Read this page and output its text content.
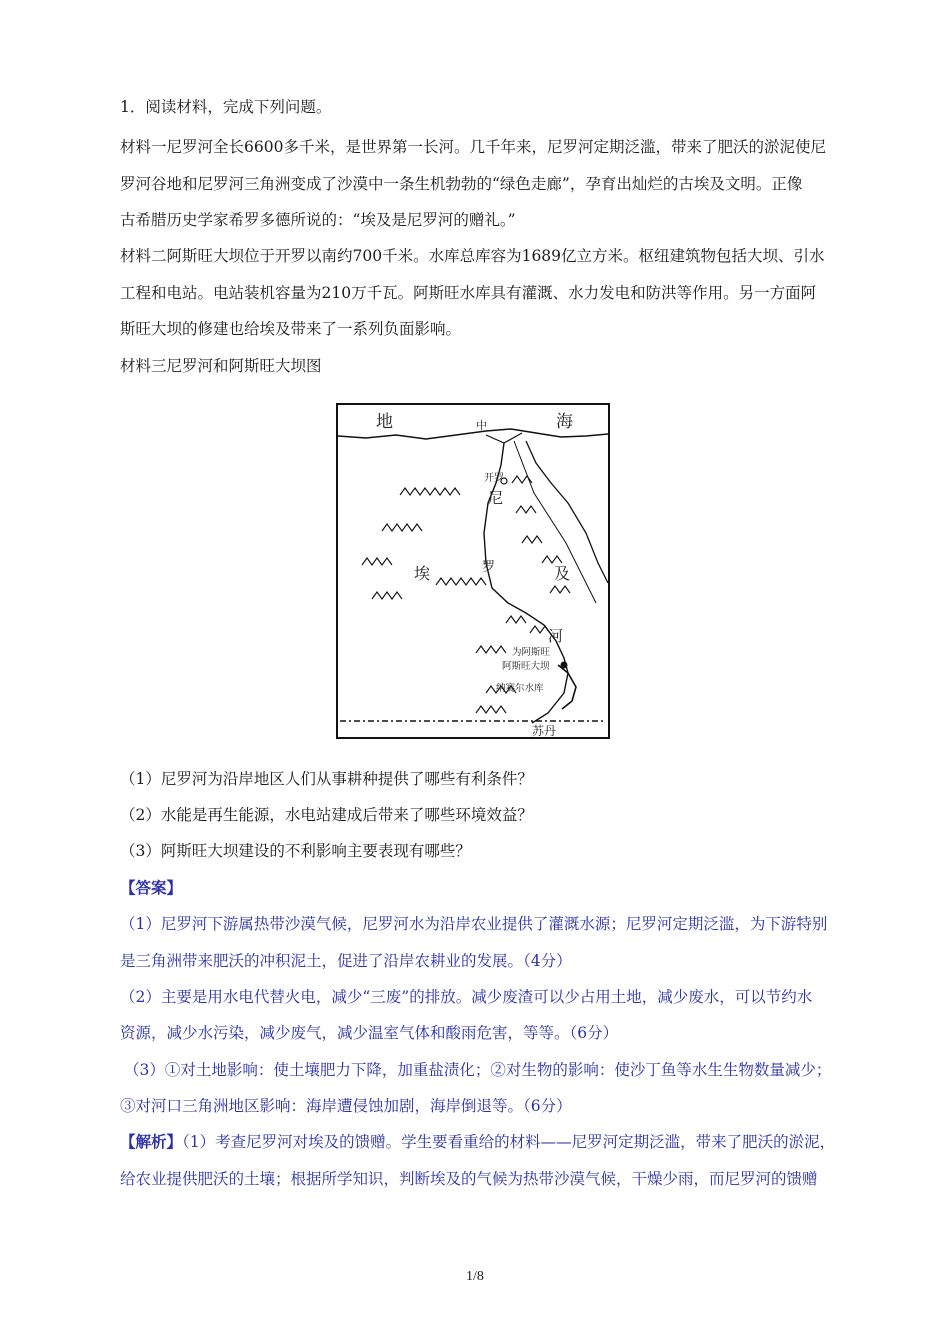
1．阅读材料，完成下列问题。
材料一尼罗河全长6600多千米，是世界第一长河。几千年来，尼罗河定期泛滥，带来了肥沃的淤泥使尼
罗河谷地和尼罗河三角洲变成了沙漠中一条生机勃勃的“绿色走廊”，孕育出灿烂的古埃及文明。正像
古希腊历史学家希罗多德所说的：“埃及是尼罗河的赠礼。”
材料二阿斯旺大坝位于开罗以南约700千米。水库总库容为1689亿立方米。枢纽建筑物包括大坝、引水
工程和电站。电站装机容量为210万千瓦。阿斯旺水库具有灌溉、水力发电和防洪等作用。另一方面阿
斯旺大坝的修建也给埃及带来了一系列负面影响。
材料三尼罗河和阿斯旺大坝图
地	中	海
开罗
尼
罗
埃	及
河
为阿斯旺
阿斯旺大坝
纳赛尔水库
苏丹
（1）尼罗河为沿岸地区人们从事耕种提供了哪些有利条件？
（2）水能是再生能源，水电站建成后带来了哪些环境效益？
（3）阿斯旺大坝建设的不利影响主要表现有哪些？
【答案】
（1）尼罗河下游属热带沙漠气候，尼罗河水为沿岸农业提供了灌溉水源；尼罗河定期泛滥，为下游特别
是三角洲带来肥沃的冲积泥土，促进了沿岸农耕业的发展。（4分）
（2）主要是用水电代替火电，减少“三废”的排放。减少废渣可以少占用土地，减少废水，可以节约水
资源，减少水污染，减少废气，减少温室气体和酸雨危害，等等。（6分）
（3）①对土地影响：使土壤肥力下降，加重盐渍化；②对生物的影响：使沙丁鱼等水生生物数量减少；
③对河口三角洲地区影响：海岸遭侵蚀加剧，海岸倒退等。（6分）
【解析】（1）考查尼罗河对埃及的馈赠。学生要看重给的材料——尼罗河定期泛滥，带来了肥沃的淤泥，
给农业提供肥沃的土壤；根据所学知识，判断埃及的气候为热带沙漠气候，干燥少雨，而尼罗河的馈赠
1/8
